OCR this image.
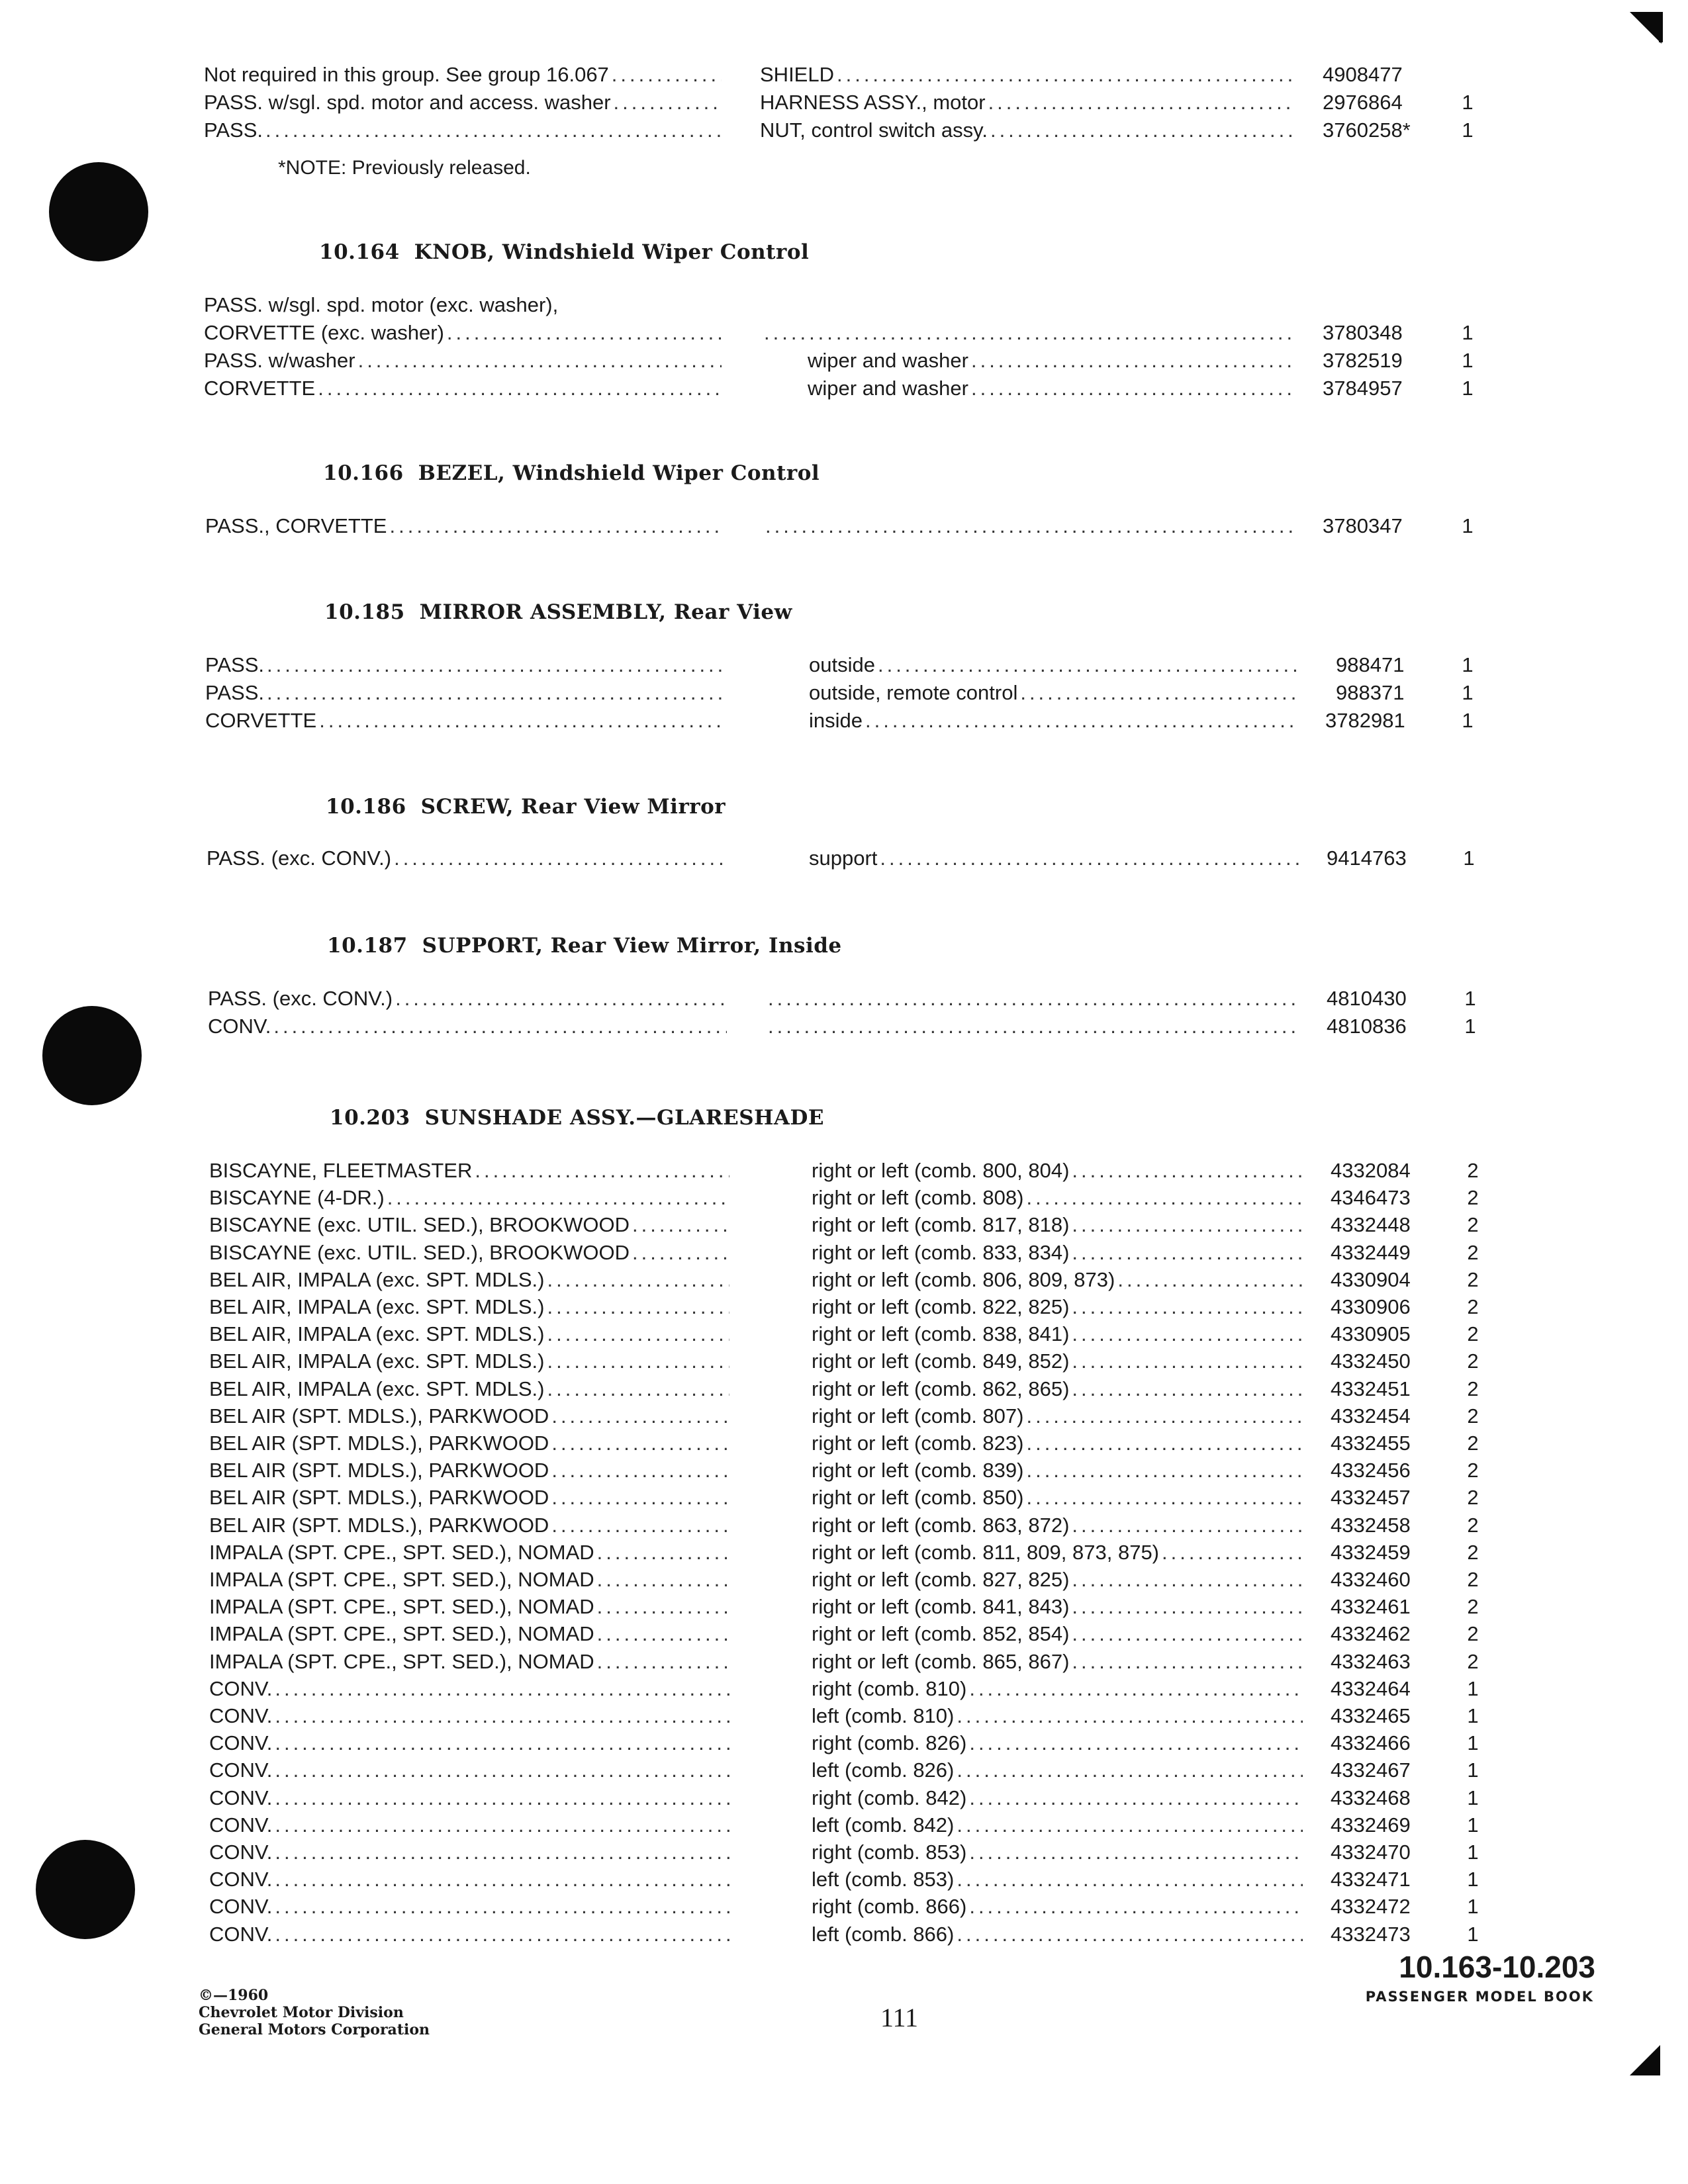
Not required in this group. See group 16.067 .....	SHIELD .....	4908477
PASS. w/sgl. spd. motor and access. washer .....	HARNESS ASSY., motor .....	2976864	1
PASS. .....	NUT, control switch assy. .....	3760258*	1
*NOTE: Previously released.
10.164 KNOB, Windshield Wiper Control
PASS. w/sgl. spd. motor (exc. washer),
CORVETTE (exc. washer) ..... .....	3780348	1
PASS. w/washer .....	wiper and washer .....	3782519	1
CORVETTE .....	wiper and washer .....	3784957	1
10.166 BEZEL, Windshield Wiper Control
PASS., CORVETTE ..... .....	3780347	1
10.185 MIRROR ASSEMBLY, Rear View
PASS. .....	outside .....	988471	1
PASS. .....	outside, remote control .....	988371	1
CORVETTE .....	inside .....	3782981	1
10.186 SCREW, Rear View Mirror
PASS. (exc. CONV.) .....	support .....	9414763	1
10.187 SUPPORT, Rear View Mirror, Inside
PASS. (exc. CONV.) ..... .....	4810430	1
CONV. ..... .....	4810836	1
10.203 SUNSHADE ASSY.—GLARESHADE
BISCAYNE, FLEETMASTER .....	right or left (comb. 800, 804) .....	4332084	2
BISCAYNE (4-DR.) .....	right or left (comb. 808) .....	4346473	2
BISCAYNE (exc. UTIL. SED.), BROOKWOOD .....	right or left (comb. 817, 818) .....	4332448	2
BISCAYNE (exc. UTIL. SED.), BROOKWOOD .....	right or left (comb. 833, 834) .....	4332449	2
BEL AIR, IMPALA (exc. SPT. MDLS.) .....	right or left (comb. 806, 809, 873) .....	4330904	2
BEL AIR, IMPALA (exc. SPT. MDLS.) .....	right or left (comb. 822, 825) .....	4330906	2
BEL AIR, IMPALA (exc. SPT. MDLS.) .....	right or left (comb. 838, 841) .....	4330905	2
BEL AIR, IMPALA (exc. SPT. MDLS.) .....	right or left (comb. 849, 852) .....	4332450	2
BEL AIR, IMPALA (exc. SPT. MDLS.) .....	right or left (comb. 862, 865) .....	4332451	2
BEL AIR (SPT. MDLS.), PARKWOOD .....	right or left (comb. 807) .....	4332454	2
BEL AIR (SPT. MDLS.), PARKWOOD .....	right or left (comb. 823) .....	4332455	2
BEL AIR (SPT. MDLS.), PARKWOOD .....	right or left (comb. 839) .....	4332456	2
BEL AIR (SPT. MDLS.), PARKWOOD .....	right or left (comb. 850) .....	4332457	2
BEL AIR (SPT. MDLS.), PARKWOOD .....	right or left (comb. 863, 872) .....	4332458	2
IMPALA (SPT. CPE., SPT. SED.), NOMAD .....	right or left (comb. 811, 809, 873, 875) .....	4332459	2
IMPALA (SPT. CPE., SPT. SED.), NOMAD .....	right or left (comb. 827, 825) .....	4332460	2
IMPALA (SPT. CPE., SPT. SED.), NOMAD .....	right or left (comb. 841, 843) .....	4332461	2
IMPALA (SPT. CPE., SPT. SED.), NOMAD .....	right or left (comb. 852, 854) .....	4332462	2
IMPALA (SPT. CPE., SPT. SED.), NOMAD .....	right or left (comb. 865, 867) .....	4332463	2
CONV. .....	right (comb. 810) .....	4332464	1
CONV. .....	left (comb. 810) .....	4332465	1
CONV. .....	right (comb. 826) .....	4332466	1
CONV. .....	left (comb. 826) .....	4332467	1
CONV. .....	right (comb. 842) .....	4332468	1
CONV. .....	left (comb. 842) .....	4332469	1
CONV. .....	right (comb. 853) .....	4332470	1
CONV. .....	left (comb. 853) .....	4332471	1
CONV. .....	right (comb. 866) .....	4332472	1
CONV. .....	left (comb. 866) .....	4332473	1
©—1960
Chevrolet Motor Division
General Motors Corporation	111
10.163-10.203
PASSENGER MODEL BOOK
